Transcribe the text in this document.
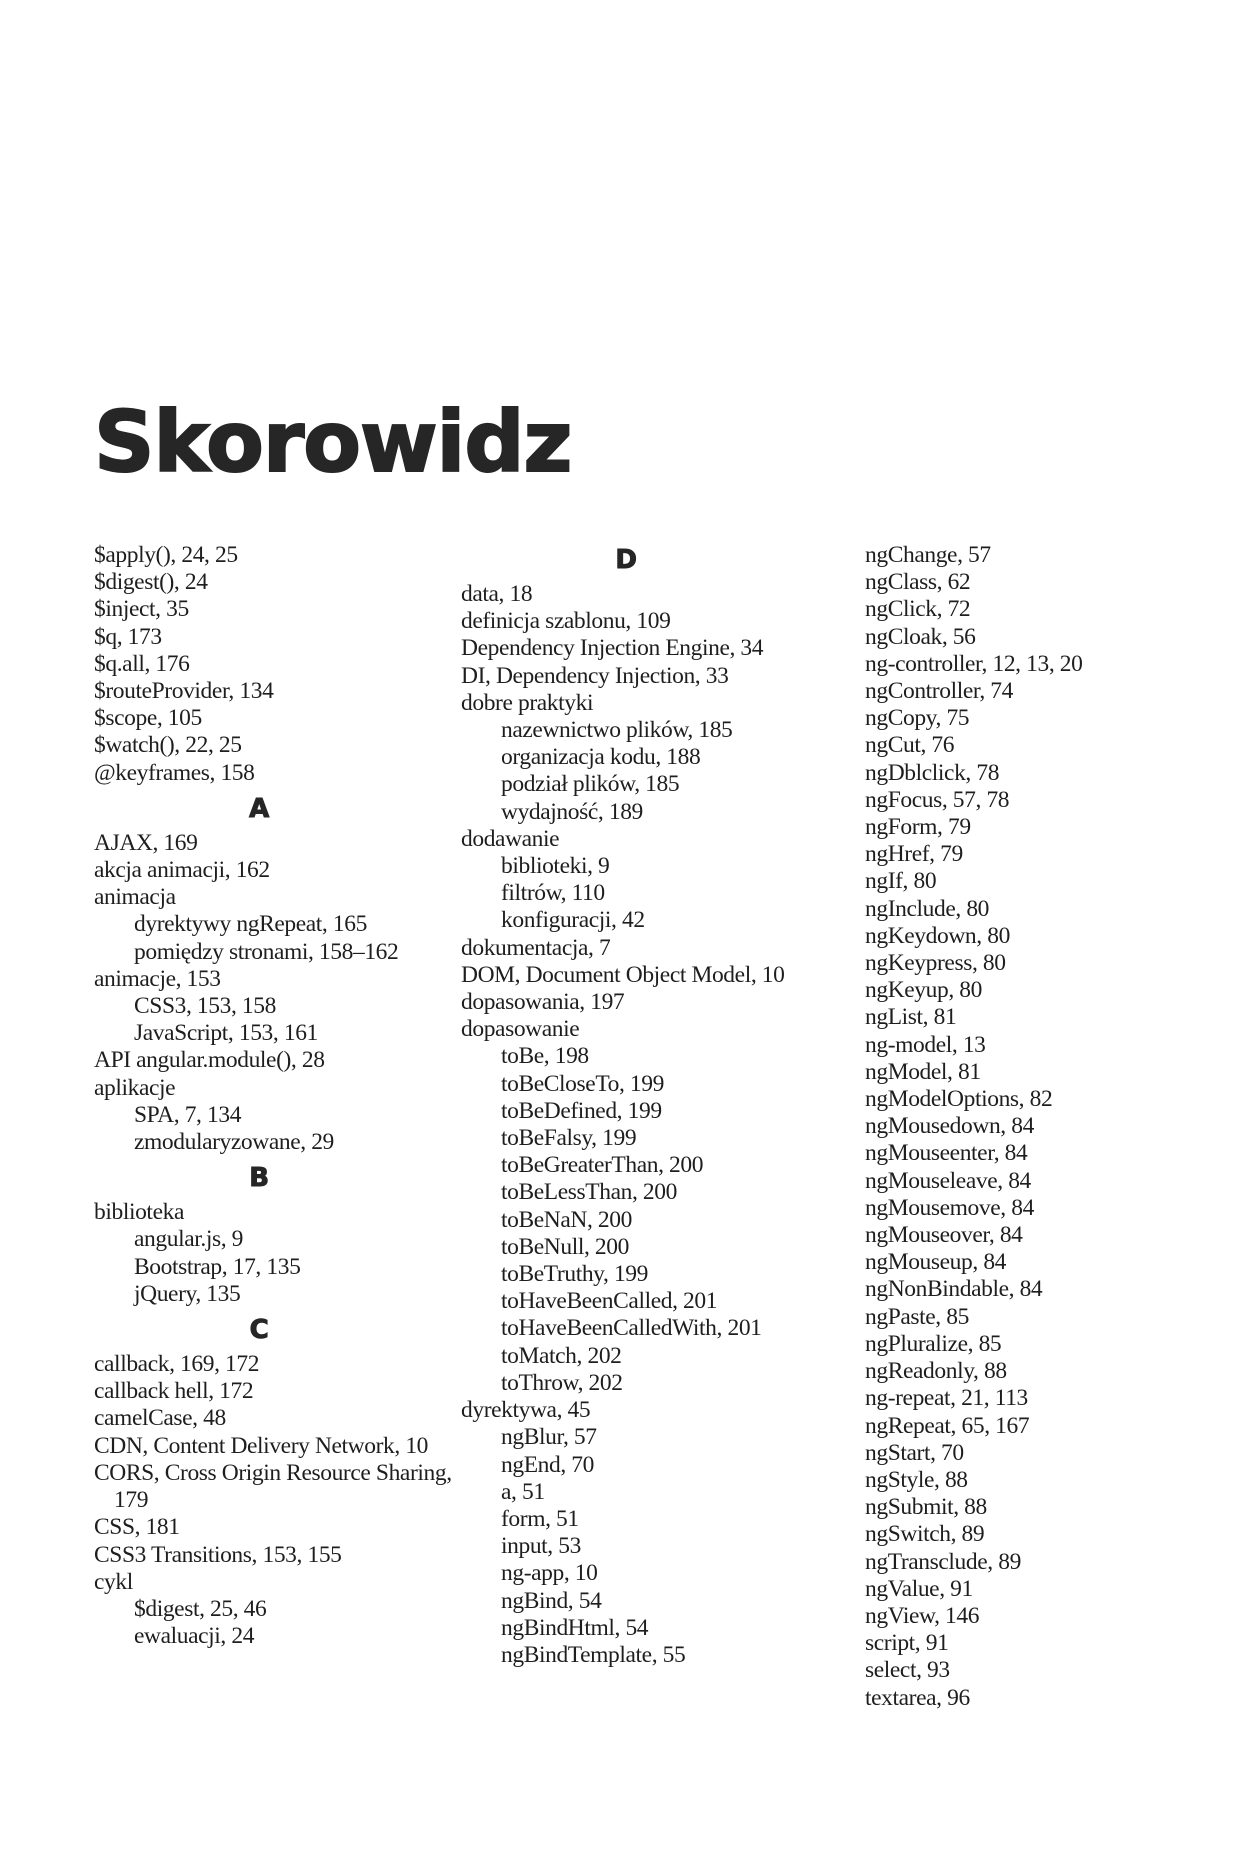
Skorowidz
$apply(), 24, 25
$digest(), 24
$inject, 35
$q, 173
$q.all, 176
$routeProvider, 134
$scope, 105
$watch(), 22, 25
@keyframes, 158
A
AJAX, 169
akcja animacji, 162
animacja
dyrektywy ngRepeat, 165
pomiędzy stronami, 158–162
animacje, 153
CSS3, 153, 158
JavaScript, 153, 161
API angular.module(), 28
aplikacje
SPA, 7, 134
zmodularyzowane, 29
B
biblioteka
angular.js, 9
Bootstrap, 17, 135
jQuery, 135
C
callback, 169, 172
callback hell, 172
camelCase, 48
CDN, Content Delivery Network, 10
CORS, Cross Origin Resource Sharing, 179
CSS, 181
CSS3 Transitions, 153, 155
cykl
$digest, 25, 46
ewaluacji, 24
D
data, 18
definicja szablonu, 109
Dependency Injection Engine, 34
DI, Dependency Injection, 33
dobre praktyki
nazewnictwo plików, 185
organizacja kodu, 188
podział plików, 185
wydajność, 189
dodawanie
biblioteki, 9
filtrów, 110
konfiguracji, 42
dokumentacja, 7
DOM, Document Object Model, 10
dopasowania, 197
dopasowanie
toBe, 198
toBeCloseTo, 199
toBeDefined, 199
toBeFalsy, 199
toBeGreaterThan, 200
toBeLessThan, 200
toBeNaN, 200
toBeNull, 200
toBeTruthy, 199
toHaveBeenCalled, 201
toHaveBeenCalledWith, 201
toMatch, 202
toThrow, 202
dyrektywa, 45
ngBlur, 57
ngEnd, 70
a, 51
form, 51
input, 53
ng-app, 10
ngBind, 54
ngBindHtml, 54
ngBindTemplate, 55
ngChange, 57
ngClass, 62
ngClick, 72
ngCloak, 56
ng-controller, 12, 13, 20
ngController, 74
ngCopy, 75
ngCut, 76
ngDblclick, 78
ngFocus, 57, 78
ngForm, 79
ngHref, 79
ngIf, 80
ngInclude, 80
ngKeydown, 80
ngKeypress, 80
ngKeyup, 80
ngList, 81
ng-model, 13
ngModel, 81
ngModelOptions, 82
ngMousedown, 84
ngMouseenter, 84
ngMouseleave, 84
ngMousemove, 84
ngMouseover, 84
ngMouseup, 84
ngNonBindable, 84
ngPaste, 85
ngPluralize, 85
ngReadonly, 88
ng-repeat, 21, 113
ngRepeat, 65, 167
ngStart, 70
ngStyle, 88
ngSubmit, 88
ngSwitch, 89
ngTransclude, 89
ngValue, 91
ngView, 146
script, 91
select, 93
textarea, 96
